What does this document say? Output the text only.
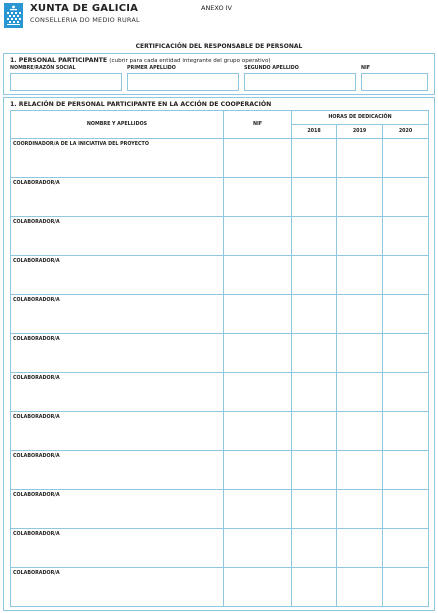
XUNTA DE GALICIA
CONSELLERIA DO MEDIO RURAL
ANEXO IV
CERTIFICACIÓN DEL RESPONSABLE DE PERSONAL
1. PERSONAL PARTICIPANTE (cubrir para cada entidad integrante del grupo operativo)
NOMBRE/RAZÓN SOCIAL	PRIMER APELLIDO	SEGUNDO APELLIDO	NIF
1. RELACIÓN DE PERSONAL PARTICIPANTE EN LA ACCIÓN DE COOPERACIÓN
NOMBRE Y APELLIDOS	NIF	HORAS DE DEDICACIÓN		
		2018	2019	2020

COORDINADOR/A DE LA INICIATIVA DEL PROYECTO				

COLABORADOR/A				

COLABORADOR/A				

COLABORADOR/A				

COLABORADOR/A				

COLABORADOR/A				

COLABORADOR/A				

COLABORADOR/A				

COLABORADOR/A				

COLABORADOR/A				

COLABORADOR/A				

COLABORADOR/A				
